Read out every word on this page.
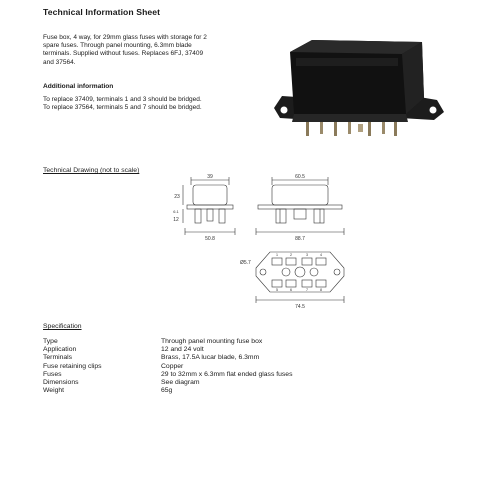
Technical Information Sheet
Fuse box, 4 way, for 29mm glass fuses with storage for 2
spare fuses. Through panel mounting, 6.3mm blade
terminals. Supplied without fuses. Replaces 6FJ, 37409
and 37564.
Additional information
To replace 37409, terminals 1 and 3 should be bridged.
To replace 37564, terminals 5 and 7 should be bridged.
Technical Drawing (not to scale)
39
23
6.1
12
50.8
60.5
88.7
Ø5.7
1	2	3	4
5	6	7	8
74.5
Specification
Type	Through panel mounting fuse box
Application	12 and 24 volt
Terminals	Brass, 17.5A lucar blade, 6.3mm
Fuse retaining clips	Copper
Fuses	29 to 32mm x 6.3mm flat ended glass fuses
Dimensions	See diagram
Weight	65g
